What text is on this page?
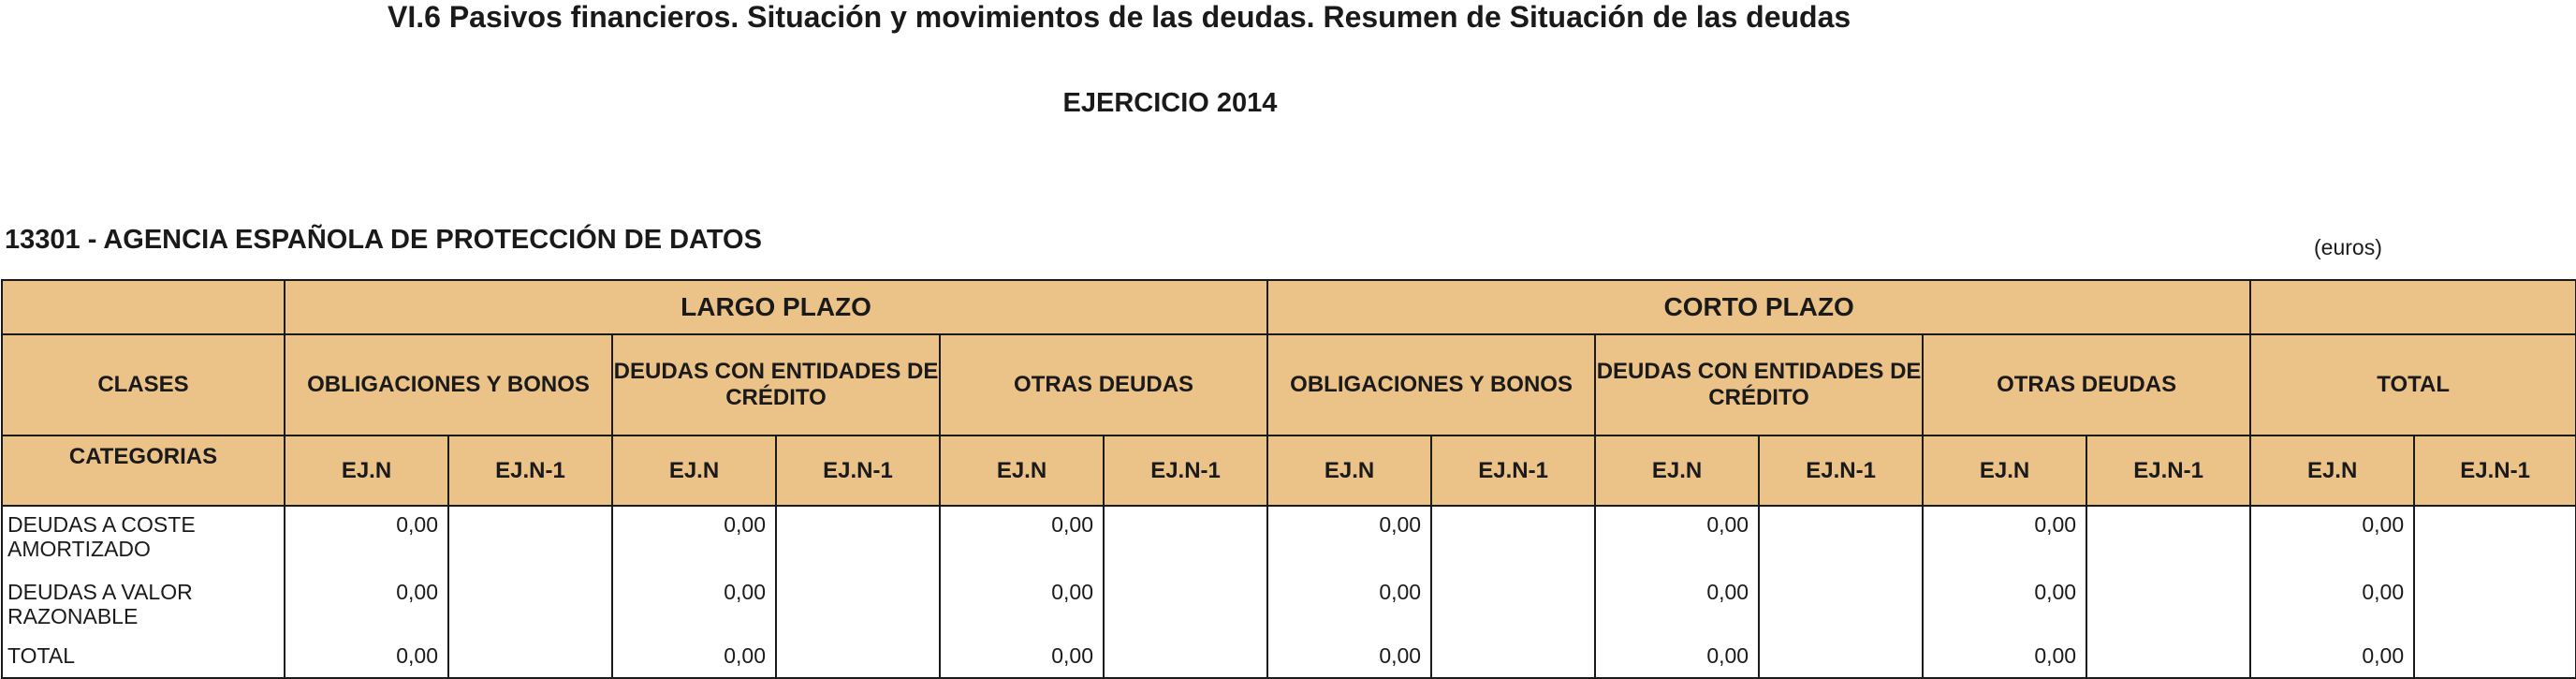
VI.6 Pasivos financieros. Situación y movimientos de las deudas. Resumen de Situación de las deudas
EJERCICIO 2014
13301 - AGENCIA ESPAÑOLA DE PROTECCIÓN DE DATOS	(euros)
	LARGO PLAZO						CORTO PLAZO							
CLASES	OBLIGACIONES Y BONOS		DEUDAS CON ENTIDADES DE CRÉDITO		OTRAS DEUDAS		OBLIGACIONES Y BONOS		DEUDAS CON ENTIDADES DE CRÉDITO		OTRAS DEUDAS		TOTAL	
CATEGORIAS	EJ.N	EJ.N-1	EJ.N	EJ.N-1	EJ.N	EJ.N-1	EJ.N	EJ.N-1	EJ.N	EJ.N-1	EJ.N	EJ.N-1	EJ.N	EJ.N-1
DEUDAS A COSTE AMORTIZADO	0,00		0,00		0,00		0,00		0,00		0,00		0,00	
DEUDAS A VALOR RAZONABLE	0,00		0,00		0,00		0,00		0,00		0,00		0,00	
TOTAL	0,00		0,00		0,00		0,00		0,00		0,00		0,00	
